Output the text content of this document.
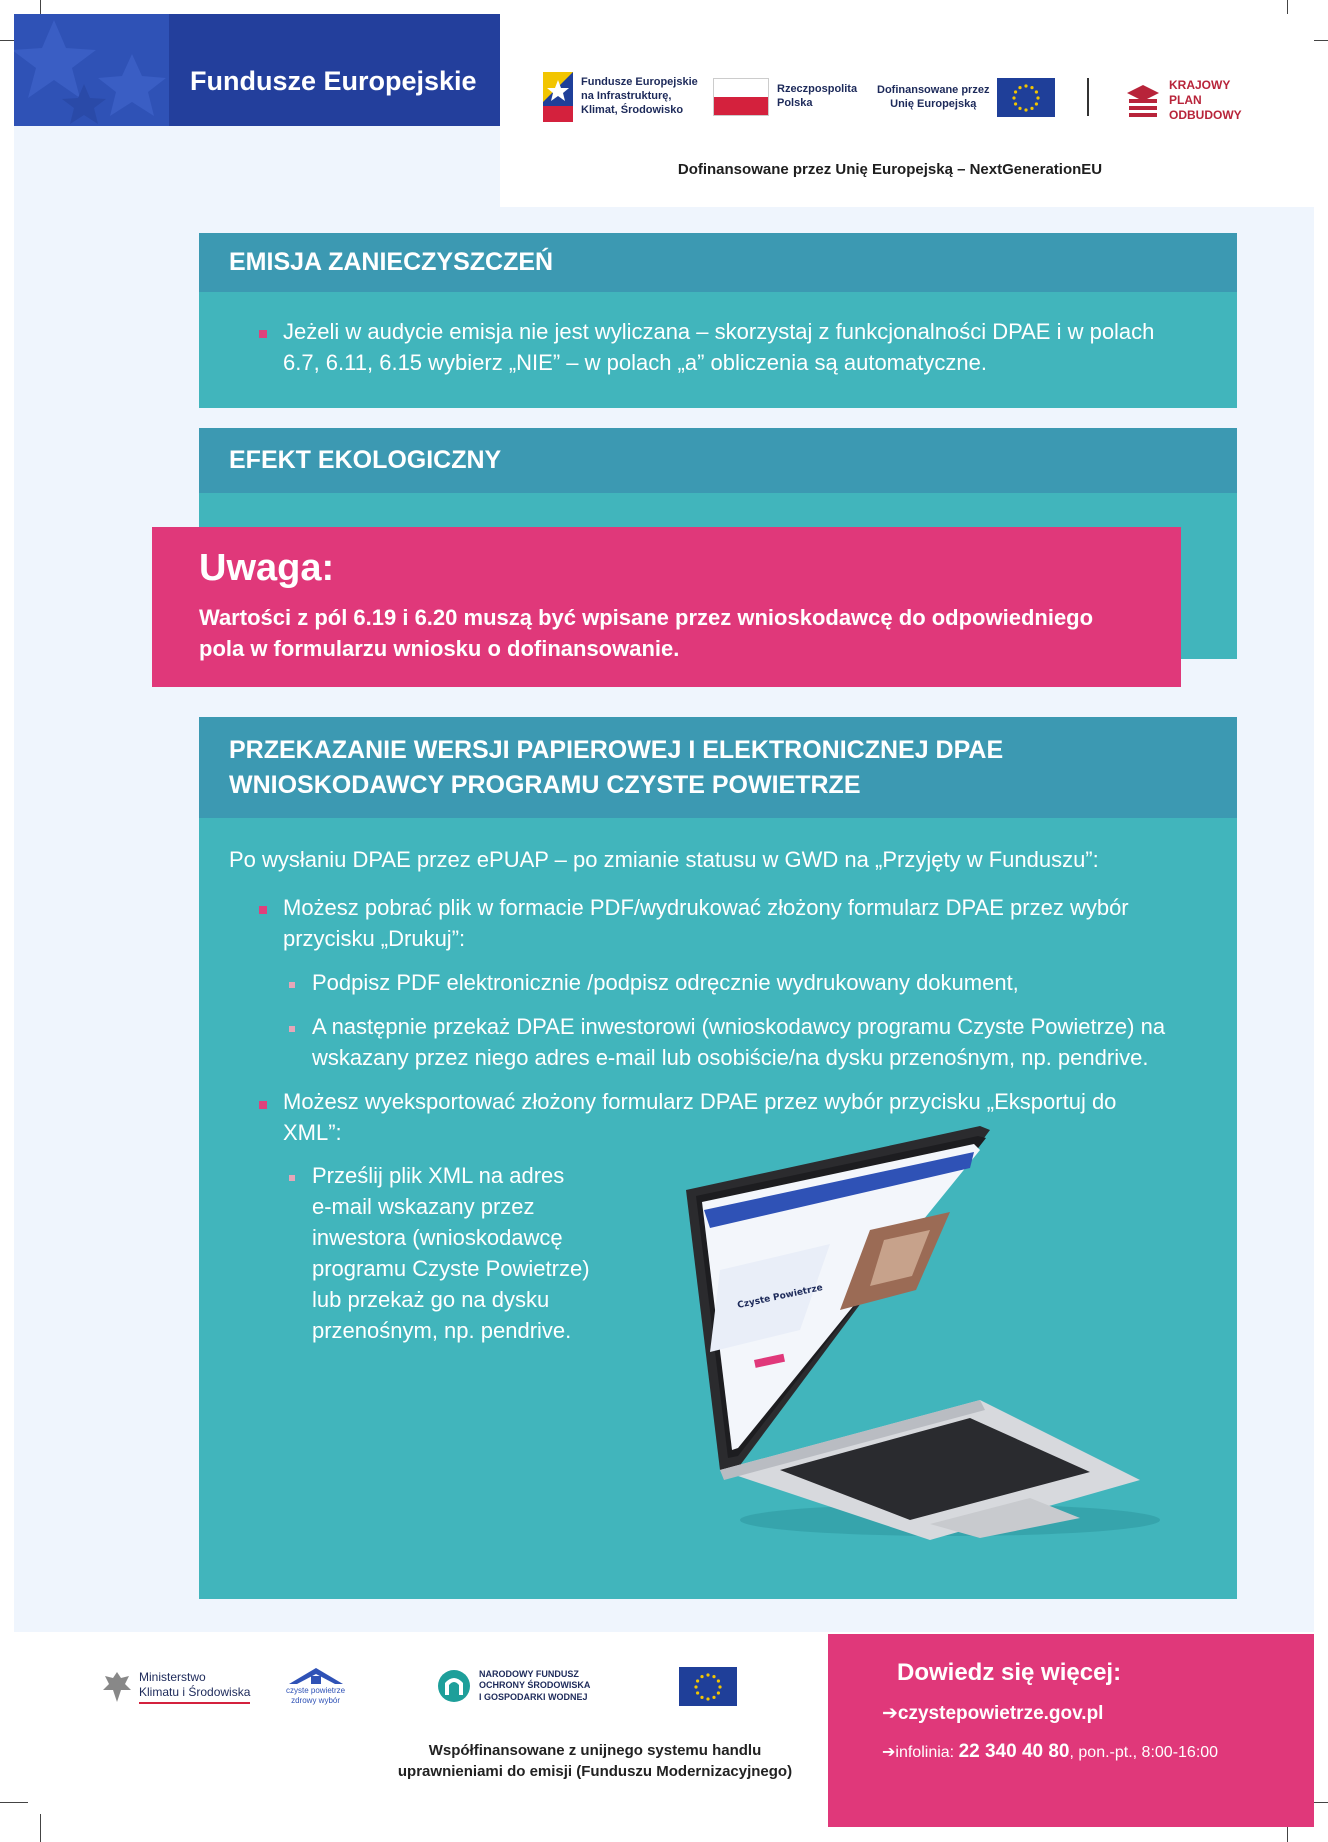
Fundusze Europejskie	Fundusze Europejskie
na Infrastrukturę,
Klimat, Środowisko
Rzeczpospolita
Polska
Dofinansowane przez
Unię Europejską
KRAJOWY
PLAN
ODBUDOWY
Dofinansowane przez Unię Europejską – NextGenerationEU
EMISJA ZANIECZYSZCZEŃ
Jeżeli w audycie emisja nie jest wyliczana – skorzystaj z funkcjonalności DPAE i w polach
6.7, 6.11, 6.15 wybierz „NIE” – w polach „a” obliczenia są automatyczne.
EFEKT EKOLOGICZNY
Uwaga:
Wartości z pól 6.19 i 6.20 muszą być wpisane przez wnioskodawcę do odpowiedniego
pola w formularzu wniosku o dofinansowanie.
PRZEKAZANIE WERSJI PAPIEROWEJ I ELEKTRONICZNEJ DPAE
WNIOSKODAWCY PROGRAMU CZYSTE POWIETRZE
Po wysłaniu DPAE przez ePUAP – po zmianie statusu w GWD na „Przyjęty w Funduszu”:
Możesz pobrać plik w formacie PDF/wydrukować złożony formularz DPAE przez wybór
przycisku „Drukuj”:
Podpisz PDF elektronicznie /podpisz odręcznie wydrukowany dokument,
A następnie przekaż DPAE inwestorowi (wnioskodawcy programu Czyste Powietrze) na
wskazany przez niego adres e-mail lub osobiście/na dysku przenośnym, np. pendrive.
Możesz wyeksportować złożony formularz DPAE przez wybór przycisku „Eksportuj do
XML”:
Prześlij plik XML na adres
e-mail wskazany przez
inwestora (wnioskodawcę
programu Czyste Powietrze)
lub przekaż go na dysku
przenośnym, np. pendrive.
Czyste Powietrze
Ministerstwo
Klimatu i Środowiska	czyste powietrze
zdrowy wybór
NARODOWY FUNDUSZ
OCHRONY ŚRODOWISKA
I GOSPODARKI WODNEJ
Współfinansowane z unijnego systemu handlu
uprawnieniami do emisji (Funduszu Modernizacyjnego)
Dowiedz się więcej:
➔czystepowietrze.gov.pl
➔infolinia: 22 340 40 80, pon.-pt., 8:00-16:00
